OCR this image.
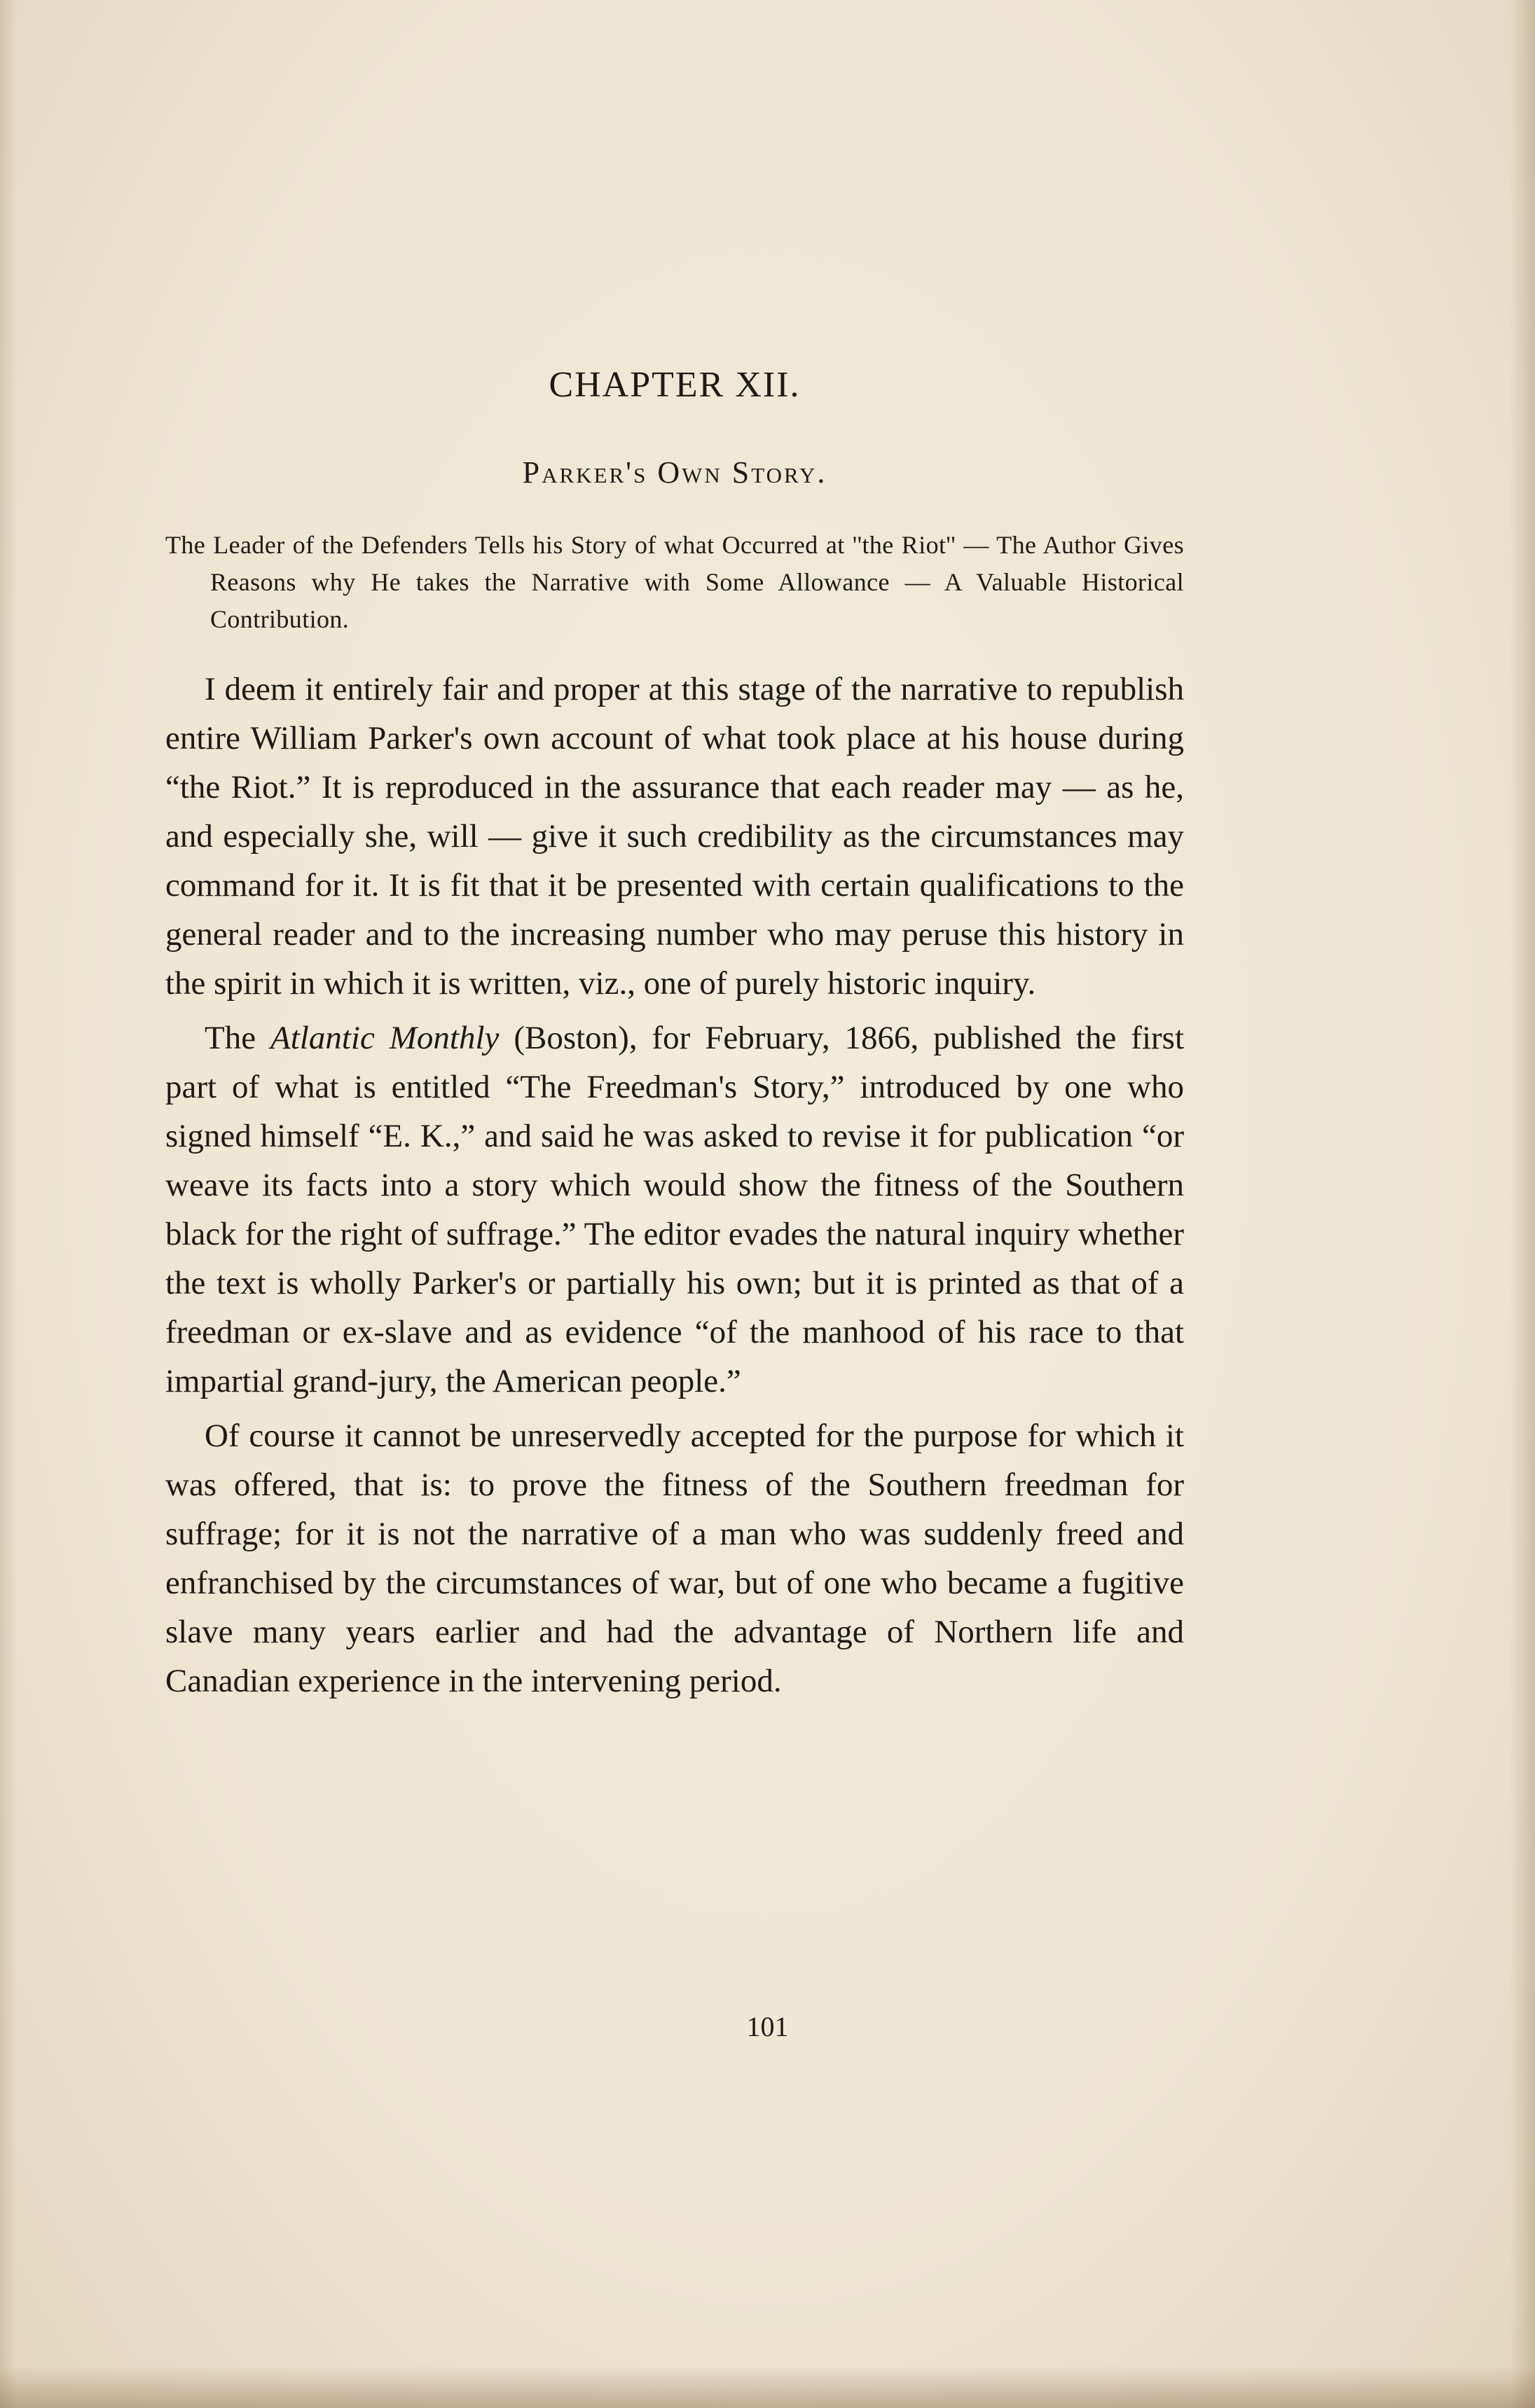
CHAPTER XII.
Parker's Own Story.

The Leader of the Defenders Tells his Story of what Occurred at ''the Riot'' — The Author Gives Reasons why He takes the Narrative with Some Allowance — A Valuable Historical Contribution.

I deem it entirely fair and proper at this stage of the narrative to republish entire William Parker's own account of what took place at his house during “the Riot.” It is reproduced in the assurance that each reader may — as he, and especially she, will — give it such credibility as the circumstances may command for it. It is fit that it be presented with certain qualifications to the general reader and to the increasing number who may peruse this history in the spirit in which it is written, viz., one of purely historic inquiry.

The Atlantic Monthly (Boston), for February, 1866, published the first part of what is entitled “The Freedman's Story,” introduced by one who signed himself “E. K.,” and said he was asked to revise it for publication “or weave its facts into a story which would show the fitness of the Southern black for the right of suffrage.” The editor evades the natural inquiry whether the text is wholly Parker's or partially his own; but it is printed as that of a freedman or ex-slave and as evidence “of the manhood of his race to that impartial grand-jury, the American people.”

Of course it cannot be unreservedly accepted for the purpose for which it was offered, that is: to prove the fitness of the Southern freedman for suffrage; for it is not the narrative of a man who was suddenly freed and enfranchised by the circumstances of war, but of one who became a fugitive slave many years earlier and had the advantage of Northern life and Canadian experience in the intervening period.

101
